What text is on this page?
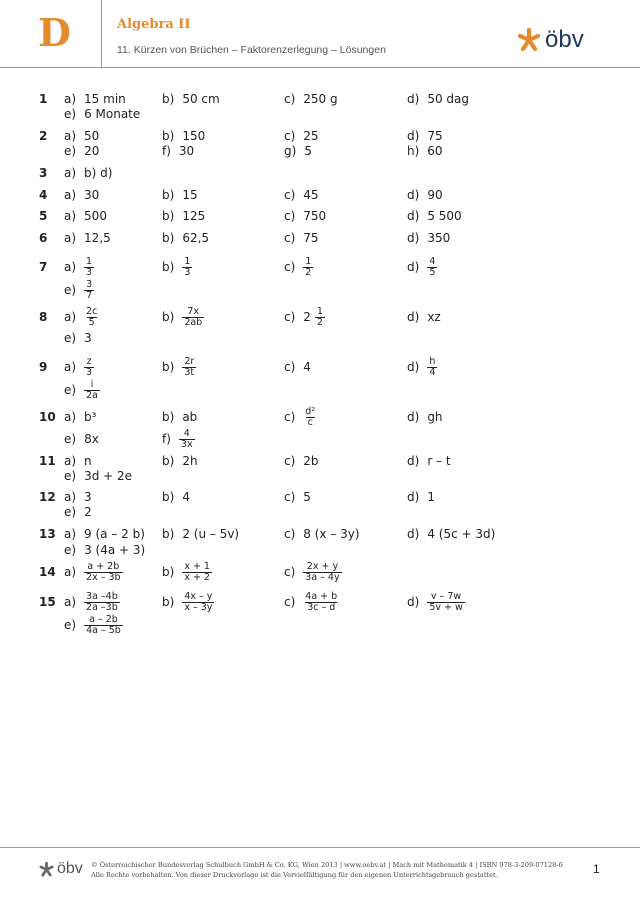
D	Algebra II
11. Kürzen von Brüchen – Faktorenzerlegung – Lösungen	öbv
1 a) 15 min	b) 50 cm	c) 250 g	d) 50 dag
e) 6 Monate
2 a) 50	b) 150	c) 25	d) 75
e) 20	f) 30	g) 5	h) 60
3 a) b) d)
4 a) 30	b) 15	c) 45	d) 90
5 a) 500	b) 125	c) 750	d) 5 500
6 a) 12,5	b) 62,5	c) 75	d) 350
7 $a) \frac{1}{3}$	$b) \frac{1}{3}$	$c) \frac{1}{2}$	$d) \frac{4}{5}$
$e) \frac{3}{7}$
8 $a) \frac{2c}{5}$	$b) \frac{7x}{2ab}$	c) $2 \frac{1}{2}$	d) xz
e) 3
9 $a) \frac{z}{3}$	$b) \frac{2r}{3t}$	c) 4	$d) \frac{h}{4}$
$e) \frac{i}{2a}$
10 a) b³	b) ab	$c) \frac{\text{d²}}{c}$	d) gh
e) 8x	$f) \frac{4}{3x}$
11 a) n	b) 2h	c) 2b	d) r – t
e) 3d + 2e
12 a) 3	b) 4	c) 5	d) 1
e) 2
13 a) 9 (a – 2 b) b) 2 (u – 5v)	c) 8 (x – 3y)	d) 4 (5c + 3d)
e) 3 (4a + 3)
14 $a) \frac{a + 2b}{2x - 3b}$	$b) \frac{x + 1}{x + 2}$	$c) \frac{2x + y}{3a - 4y}$
15 $a) \frac{3a -4b}{2a -3b}$	$b) \frac{4x - y}{x - 3y}$	$c) \frac{4a + b}{3c - d}$	$d) \frac{v - 7w}{5v + w}$
$e) \frac{a - 2b}{4a - 5b}$
öbv © Österreichischer Bundesverlag Schulbuch GmbH & Co. KG, Wien 2013 | www.oebv.at | Mach mit Mathematik 4 | ISBN 978-3-209-07128-6
Alle Rechte vorbehalten. Von dieser Druckvorlage ist die Vervielfältigung für den eigenen Unterrichtsgebrauch gestattet.	1
